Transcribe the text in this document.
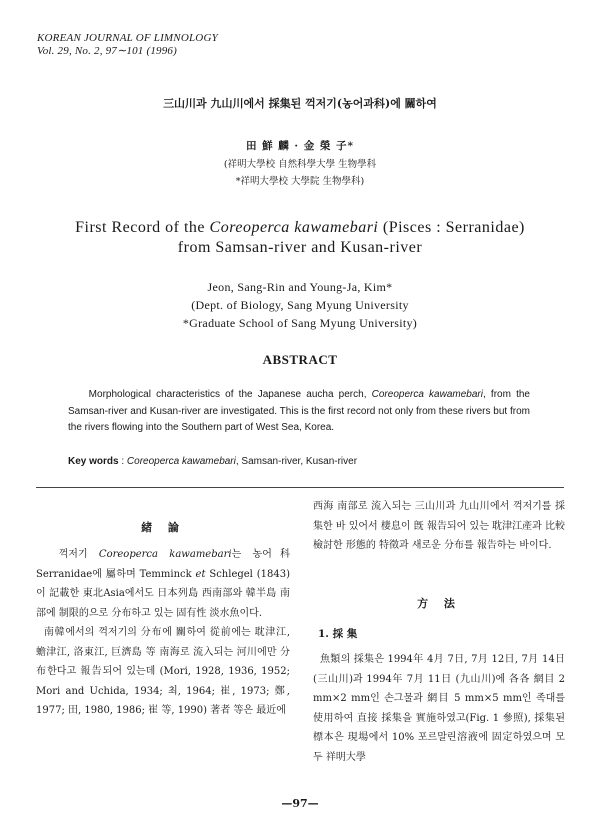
KOREAN JOURNAL OF LIMNOLOGY
Vol. 29, No. 2, 97∼101 (1996)
三山川과 九山川에서 採集된 꺽저기(농어과科)에 關하여
田 鮮 麟 · 金 榮 子*
(祥明大學校 自然科學大學 生物學科
*祥明大學校 大學院 生物學科)
First Record of the Coreoperca kawamebari (Pisces : Serranidae)
from Samsan-river and Kusan-river
Jeon, Sang-Rin and Young-Ja, Kim*
(Dept. of Biology, Sang Myung University
*Graduate School of Sang Myung University)
ABSTRACT
Morphological characteristics of the Japanese aucha perch, Coreoperca kawamebari, from the Samsan-river and Kusan-river are investigated. This is the first record not only from these rivers but from the rivers flowing into the Southern part of West Sea, Korea.
Key words : Coreoperca kawamebari, Samsan-river, Kusan-river
緒 論

꺽저기 Coreoperca kawamebari는 농어科 Serranidae에 屬하며 Temminck et Schlegel (1843)이 記載한 東北Asia에서도 日本列島 西南部와 韓半島 南部에 制限的으로 分布하고 있는 固有性 淡水魚이다.

南韓에서의 꺽저기의 分布에 關하여 從前에는 耽津江, 蟾津江, 洛東江, 巨濟島 等 南海로 流入되는 河川에만 分布한다고 報告되어 있는데 (Mori, 1928, 1936, 1952; Mori and Uchida, 1934; 최, 1964; 崔, 1973; 鄭, 1977; 田, 1980, 1986; 崔 等, 1990) 著者 等은 最近에

西海 南部로 流入되는 三山川과 九山川에서 꺽저기를 採集한 바 있어서 棲息이 旣 報告되어 있는 耽津江產과 比較 檢討한 形態的 特徵과 새로운 分布를 報告하는 바이다.

方 法
1. 採 集

魚類의 採集은 1994年 4月 7日, 7月 12日, 7月 14日 (三山川)과 1994年 7月 11日 (九山川)에 各各 網目 2 mm×2 mm인 손그물과 網目 5 mm×5 mm인 족대를 使用하여 直接 採集을 實施하였고(Fig. 1 參照), 採集된 標本은 現場에서 10% 포르말린溶液에 固定하였으며 모두 祥明大學

—97—
